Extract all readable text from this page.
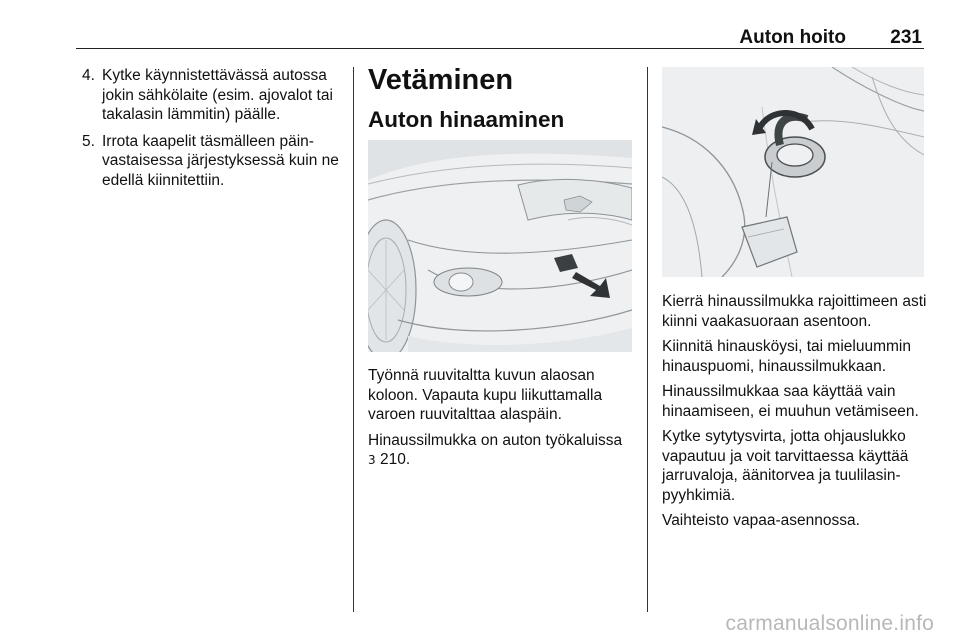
Auton hoito 231
4. Kytke käynnistettävässä autossa jokin sähkölaite (esim. ajovalot tai takalasin lämmitin) päälle.
5. Irrota kaapelit täsmälleen päin- vastaisessa järjestyksessä kuin ne edellä kiinnitettiin.
Vetäminen
Auton hinaaminen

Työnnä ruuvitaltta kuvun alaosan koloon. Vapauta kupu liikuttamalla varoen ruuvitalttaa alaspäin.

Hinaussilmukka on auton työkaluissa
3 210.

Kierrä hinaussilmukka rajoittimeen asti kiinni vaakasuoraan asentoon.

Kiinnitä hinausköysi, tai mieluummin hinauspuomi, hinaussilmukkaan.

Hinaussilmukkaa saa käyttää vain hinaamiseen, ei muuhun vetämiseen.

Kytke sytytysvirta, jotta ohjauslukko vapautuu ja voit tarvittaessa käyttää jarruvaloja, äänitorvea ja tuulilasin- pyyhkimiä.

Vaihteisto vapaa-asennossa.

carmanualsonline.info
